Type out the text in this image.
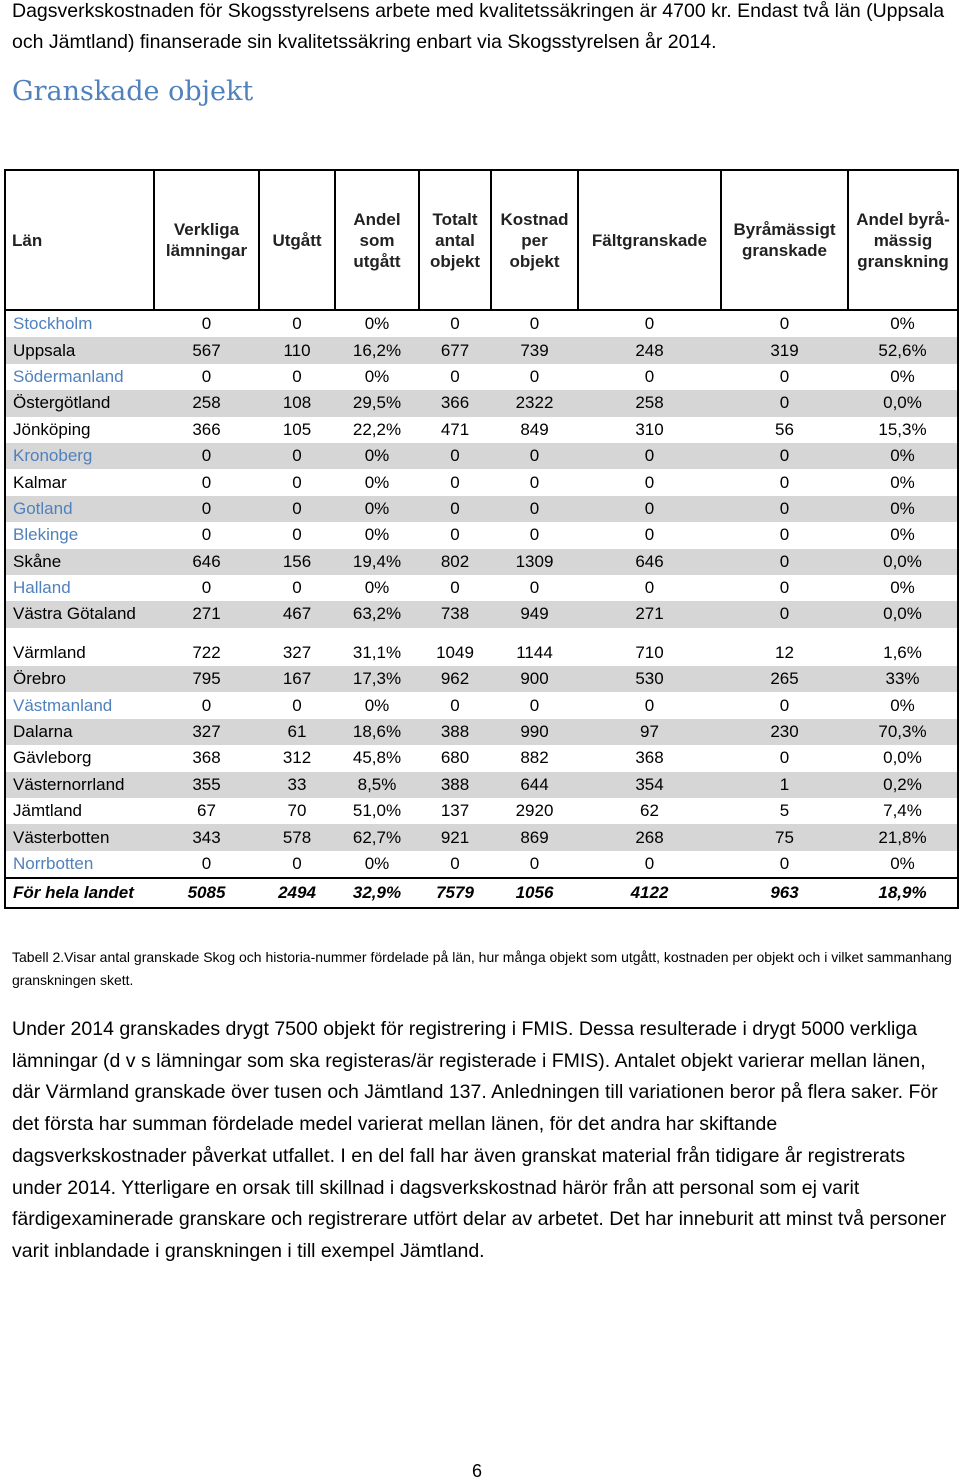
Dagsverkskostnaden för Skogsstyrelsens arbete med kvalitetssäkringen är 4700 kr. Endast två län (Uppsala och Jämtland) finanserade sin kvalitetssäkring enbart via Skogsstyrelsen år 2014.
Granskade objekt
Län	Verkliga lämningar	Utgått	Andel som utgått	Totalt antal objekt	Kostnad per objekt	Fältgranskade	Byråmässigt granskade	Andel byrå-mässig granskning
Stockholm	0	0	0%	0	0	0	0	0%
Uppsala	567	110	16,2%	677	739	248	319	52,6%
Södermanland	0	0	0%	0	0	0	0	0%
Östergötland	258	108	29,5%	366	2322	258	0	0,0%
Jönköping	366	105	22,2%	471	849	310	56	15,3%
Kronoberg	0	0	0%	0	0	0	0	0%
Kalmar	0	0	0%	0	0	0	0	0%
Gotland	0	0	0%	0	0	0	0	0%
Blekinge	0	0	0%	0	0	0	0	0%
Skåne	646	156	19,4%	802	1309	646	0	0,0%
Halland	0	0	0%	0	0	0	0	0%
Västra Götaland	271	467	63,2%	738	949	271	0	0,0%

Värmland	722	327	31,1%	1049	1144	710	12	1,6%
Örebro	795	167	17,3%	962	900	530	265	33%
Västmanland	0	0	0%	0	0	0	0	0%
Dalarna	327	61	18,6%	388	990	97	230	70,3%
Gävleborg	368	312	45,8%	680	882	368	0	0,0%
Västernorrland	355	33	8,5%	388	644	354	1	0,2%
Jämtland	67	70	51,0%	137	2920	62	5	7,4%
Västerbotten	343	578	62,7%	921	869	268	75	21,8%
Norrbotten	0	0	0%	0	0	0	0	0%
För hela landet	5085	2494	32,9%	7579	1056	4122	963	18,9%
Tabell 2.Visar antal granskade Skog och historia-nummer fördelade på län, hur många objekt som utgått, kostnaden per objekt och i vilket sammanhang granskningen skett.
Under 2014 granskades drygt 7500 objekt för registrering i FMIS. Dessa resulterade i drygt 5000 verkliga lämningar (d v s lämningar som ska registeras/är registerade i FMIS). Antalet objekt varierar mellan länen, där Värmland granskade över tusen och Jämtland 137. Anledningen till variationen beror på flera saker. För det första har summan fördelade medel varierat mellan länen, för det andra har skiftande dagsverkskostnader påverkat utfallet. I en del fall har även granskat material från tidigare år registrerats under 2014. Ytterligare en orsak till skillnad i dagsverkskostnad härör från att personal som ej varit färdigexaminerade granskare och registrerare utfört delar av arbetet. Det har inneburit att minst två personer varit inblandade i granskningen i till exempel Jämtland.
6
